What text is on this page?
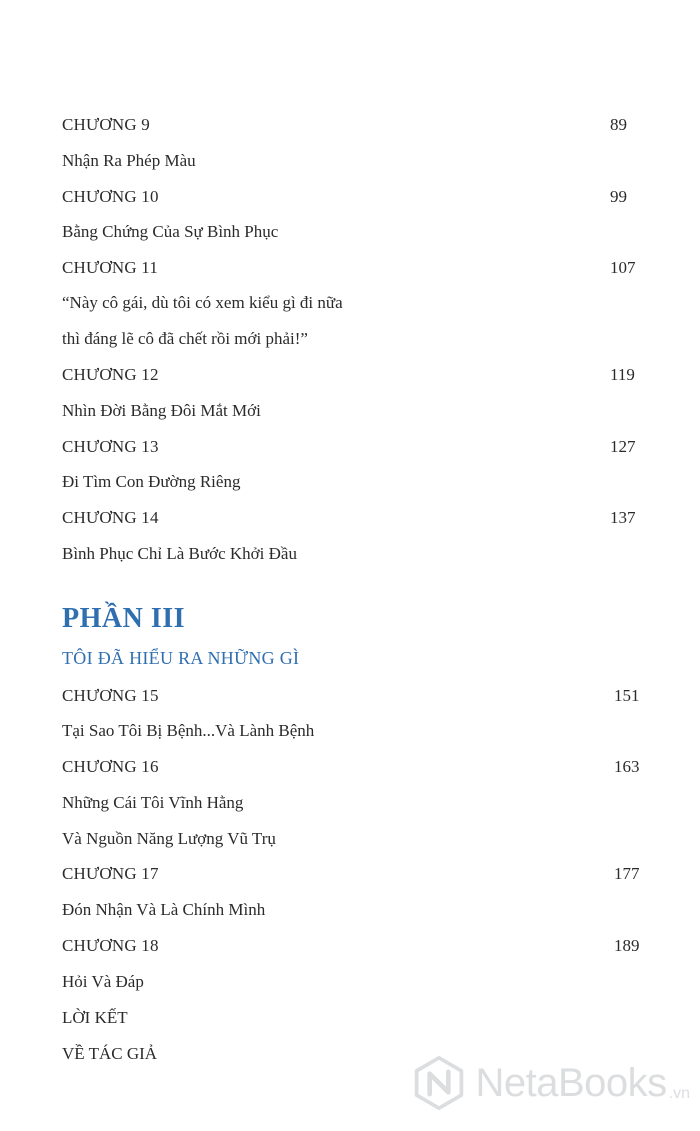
CHƯƠNG 9	89
Nhận Ra Phép Màu
CHƯƠNG 10	99
Bằng Chứng Của Sự Bình Phục
CHƯƠNG 11	107
“Này cô gái, dù tôi có xem kiểu gì đi nữa
thì đáng lẽ cô đã chết rồi mới phải!”
CHƯƠNG 12	119
Nhìn Đời Bằng Đôi Mắt Mới
CHƯƠNG 13	127
Đi Tìm Con Đường Riêng
CHƯƠNG 14	137
Bình Phục Chỉ Là Bước Khởi Đầu
PHẦN III
TÔI ĐÃ HIỂU RA NHỮNG GÌ
CHƯƠNG 15	151
Tại Sao Tôi Bị Bệnh...Và Lành Bệnh
CHƯƠNG 16	163
Những Cái Tôi Vĩnh Hằng
Và Nguồn Năng Lượng Vũ Trụ
CHƯƠNG 17	177
Đón Nhận Và Là Chính Mình
CHƯƠNG 18	189
Hỏi Và Đáp
LỜI KẾT
VỀ TÁC GIẢ
NetaBooks .vn
